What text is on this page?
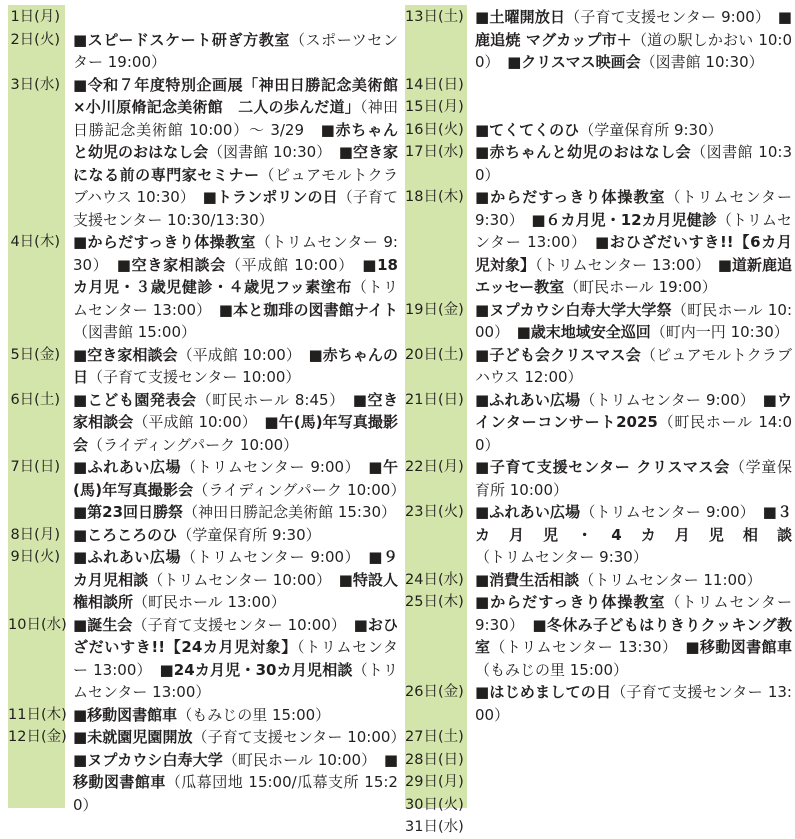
1日(月)
2日(火) ■スピードスケート研ぎ方教室（スポーツセンター 19:00）
3日(水) ■令和７年度特別企画展「神田日勝記念美術館×小川原脩記念美術館　二人の歩んだ道」（神田日勝記念美術館 10:00）～ 3/29　 ■赤ちゃんと幼児のおはなし会（図書館 10:30）　 ■空き家になる前の専門家セミナー（ピュアモルトクラブハウス 10:30）　 ■トランポリンの日（子育て支援センター 10:30/13:30）
4日(木) ■からだすっきり体操教室（トリムセンター 9:30）　 ■空き家相談会（平成館 10:00）　 ■18カ月児・３歳児健診・４歳児フッ素塗布（トリムセンター 13:00）　 ■本と珈琲の図書館ナイト（図書館 15:00）
5日(金) ■空き家相談会（平成館 10:00）　 ■赤ちゃんの日（子育て支援センター 10:00）
6日(土) ■こども園発表会（町民ホール 8:45）　 ■空き家相談会（平成館 10:00）　 ■午(馬)年写真撮影会（ライディングパーク 10:00）
7日(日) ■ふれあい広場（トリムセンター 9:00）　 ■午(馬)年写真撮影会（ライディングパーク 10:00）　■第23回日勝祭（神田日勝記念美術館 15:30）
8日(月) ■ころころのひ（学童保育所 9:30）
9日(火) ■ふれあい広場（トリムセンター 9:00）　 ■９カ月児相談（トリムセンター 10:00）　 ■特設人権相談所（町民ホール 13:00）
10日(水) ■誕生会（子育て支援センター 10:00）　 ■おひざだいすき!!【24カ月児対象】（トリムセンター 13:00）　 ■24カ月児・30カ月児相談（トリムセンター 13:00）
11日(木) ■移動図書館車（もみじの里 15:00）
12日(金) ■未就園児園開放（子育て支援センター 10:00）　■ヌプカウシ白寿大学（町民ホール 10:00）　 ■移動図書館車（瓜幕団地 15:00/瓜幕支所 15:20）
13日(土) ■土曜開放日（子育て支援センター 9:00）　 ■鹿追焼 マグカップ市＋（道の駅しかおい 10:00）　 ■クリスマス映画会（図書館 10:30）
14日(日)
15日(月)
16日(火) ■てくてくのひ（学童保育所 9:30）
17日(水) ■赤ちゃんと幼児のおはなし会（図書館 10:30）
18日(木) ■からだすっきり体操教室（トリムセンター 9:30）　 ■６カ月児・12カ月児健診（トリムセンター 13:00）　 ■おひざだいすき!!【6カ月児対象】（トリムセンター 13:00）　 ■道新鹿追エッセー教室（町民ホール 19:00）
19日(金) ■ヌプカウシ白寿大学大学祭（町民ホール 10:00）　 ■歳末地域安全巡回（町内一円 10:30）
20日(土) ■子ども会クリスマス会（ピュアモルトクラブハウス 12:00）
21日(日) ■ふれあい広場（トリムセンター 9:00）　 ■ウインターコンサート2025（町民ホール 14:00）
22日(月) ■子育て支援センター クリスマス会（学童保育所 10:00）
23日(火) ■ふれあい広場（トリムセンター 9:00）　 ■３カ月児・4カ月児相談（トリムセンター 9:30）
24日(水) ■消費生活相談（トリムセンター 11:00）
25日(木) ■からだすっきり体操教室（トリムセンター 9:30）　 ■冬休み子どもはりきりクッキング教室（トリムセンター 13:30）　 ■移動図書館車（もみじの里 15:00）
26日(金) ■はじめましての日（子育て支援センター 13:00）
27日(土)
28日(日)
29日(月)
30日(火)
31日(水)
